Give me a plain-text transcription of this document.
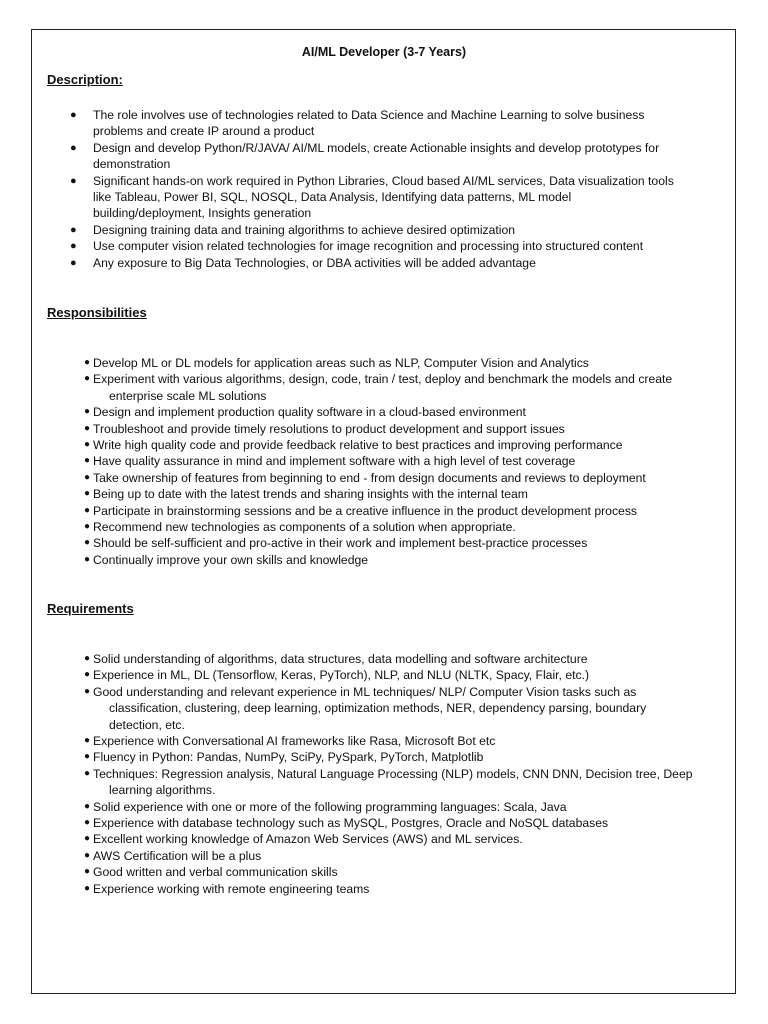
AI/ML Developer (3-7 Years)
Description:
● The role involves use of technologies related to Data Science and Machine Learning to solve business
problems and create IP around a product
● Design and develop Python/R/JAVA/ AI/ML models, create Actionable insights and develop prototypes for
demonstration
● Significant hands-on work required in Python Libraries, Cloud based AI/ML services, Data visualization tools
like Tableau, Power BI, SQL, NOSQL, Data Analysis, Identifying data patterns, ML model
building/deployment, Insights generation
● Designing training data and training algorithms to achieve desired optimization
● Use computer vision related technologies for image recognition and processing into structured content
● Any exposure to Big Data Technologies, or DBA activities will be added advantage
Responsibilities
● Develop ML or DL models for application areas such as NLP, Computer Vision and Analytics
● Experiment with various algorithms, design, code, train / test, deploy and benchmark the models and create
enterprise scale ML solutions
● Design and implement production quality software in a cloud-based environment
● Troubleshoot and provide timely resolutions to product development and support issues
● Write high quality code and provide feedback relative to best practices and improving performance
● Have quality assurance in mind and implement software with a high level of test coverage
● Take ownership of features from beginning to end - from design documents and reviews to deployment
● Being up to date with the latest trends and sharing insights with the internal team
● Participate in brainstorming sessions and be a creative influence in the product development process
● Recommend new technologies as components of a solution when appropriate.
● Should be self-sufficient and pro-active in their work and implement best-practice processes
● Continually improve your own skills and knowledge
Requirements
● Solid understanding of algorithms, data structures, data modelling and software architecture
● Experience in ML, DL (Tensorflow, Keras, PyTorch), NLP, and NLU (NLTK, Spacy, Flair, etc.)
● Good understanding and relevant experience in ML techniques/ NLP/ Computer Vision tasks such as
classification, clustering, deep learning, optimization methods, NER, dependency parsing, boundary
detection, etc.
● Experience with Conversational AI frameworks like Rasa, Microsoft Bot etc
● Fluency in Python: Pandas, NumPy, SciPy, PySpark, PyTorch, Matplotlib
● Techniques: Regression analysis, Natural Language Processing (NLP) models, CNN DNN, Decision tree, Deep
learning algorithms.
● Solid experience with one or more of the following programming languages: Scala, Java
● Experience with database technology such as MySQL, Postgres, Oracle and NoSQL databases
● Excellent working knowledge of Amazon Web Services (AWS) and ML services.
● AWS Certification will be a plus
● Good written and verbal communication skills
● Experience working with remote engineering teams
